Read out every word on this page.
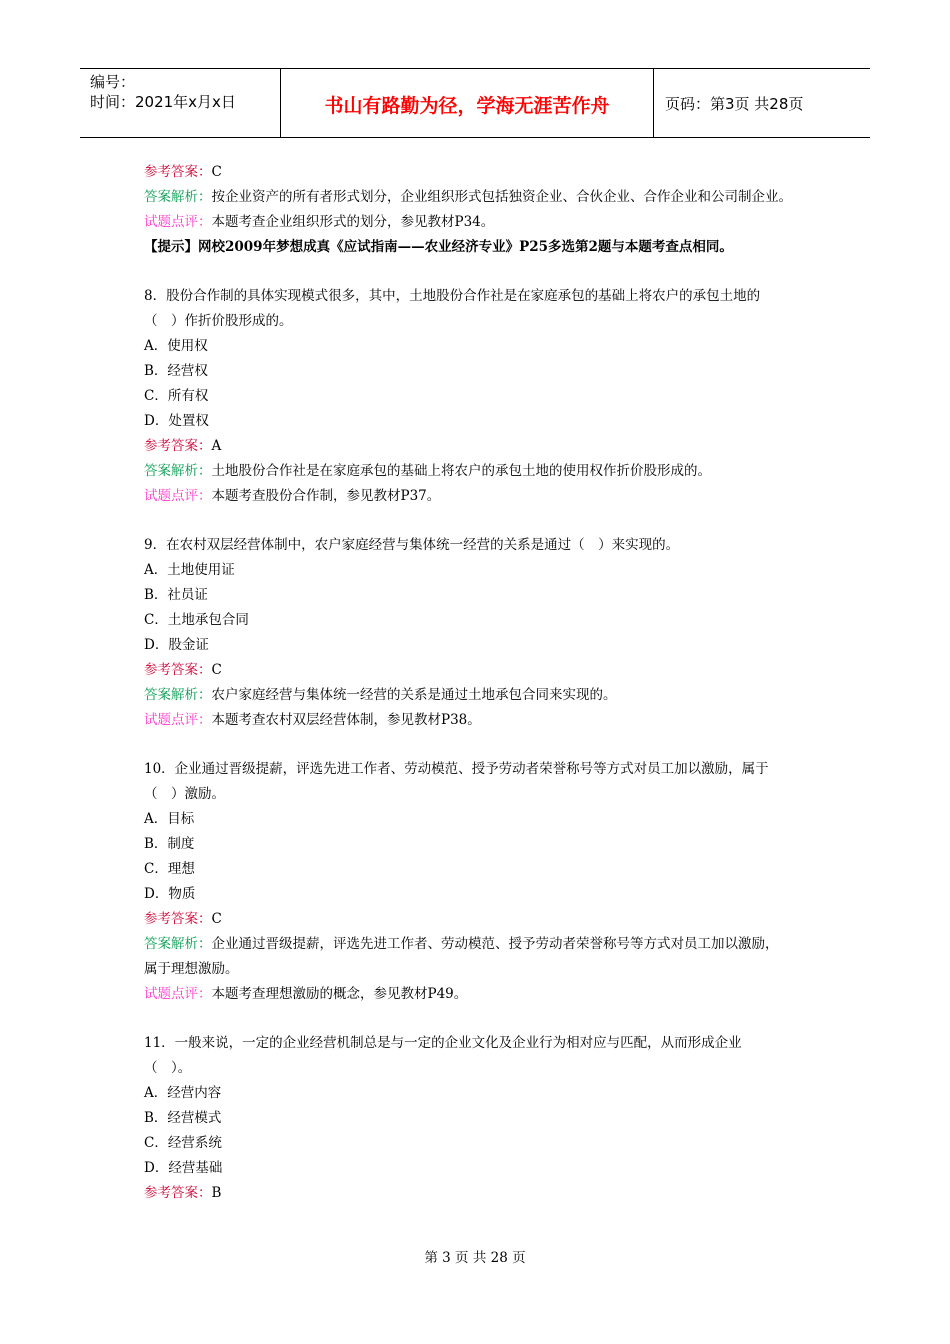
编号：
时间：2021年x月x日	书山有路勤为径，学海无涯苦作舟	页码：第3页 共28页
参考答案：C
答案解析：按企业资产的所有者形式划分，企业组织形式包括独资企业、合伙企业、合作企业和公司制企业。
试题点评：本题考查企业组织形式的划分，参见教材P34。
【提示】网校2009年梦想成真《应试指南——农业经济专业》P25多选第2题与本题考查点相同。
8．股份合作制的具体实现模式很多，其中，土地股份合作社是在家庭承包的基础上将农户的承包土地的
（　）作折价股形成的。
A．使用权
B．经营权
C．所有权
D．处置权
参考答案：A
答案解析：土地股份合作社是在家庭承包的基础上将农户的承包土地的使用权作折价股形成的。
试题点评：本题考查股份合作制，参见教材P37。
9．在农村双层经营体制中，农户家庭经营与集体统一经营的关系是通过（　）来实现的。
A．土地使用证
B．社员证
C．土地承包合同
D．股金证
参考答案：C
答案解析：农户家庭经营与集体统一经营的关系是通过土地承包合同来实现的。
试题点评：本题考查农村双层经营体制，参见教材P38。
10．企业通过晋级提薪，评选先进工作者、劳动模范、授予劳动者荣誉称号等方式对员工加以激励，属于
（　）激励。
A．目标
B．制度
C．理想
D．物质
参考答案：C
答案解析：企业通过晋级提薪，评选先进工作者、劳动模范、授予劳动者荣誉称号等方式对员工加以激励，
属于理想激励。
试题点评：本题考查理想激励的概念，参见教材P49。
11．一般来说，一定的企业经营机制总是与一定的企业文化及企业行为相对应与匹配，从而形成企业
（　）。
A．经营内容
B．经营模式
C．经营系统
D．经营基础
参考答案：B
第 3 页 共 28 页
